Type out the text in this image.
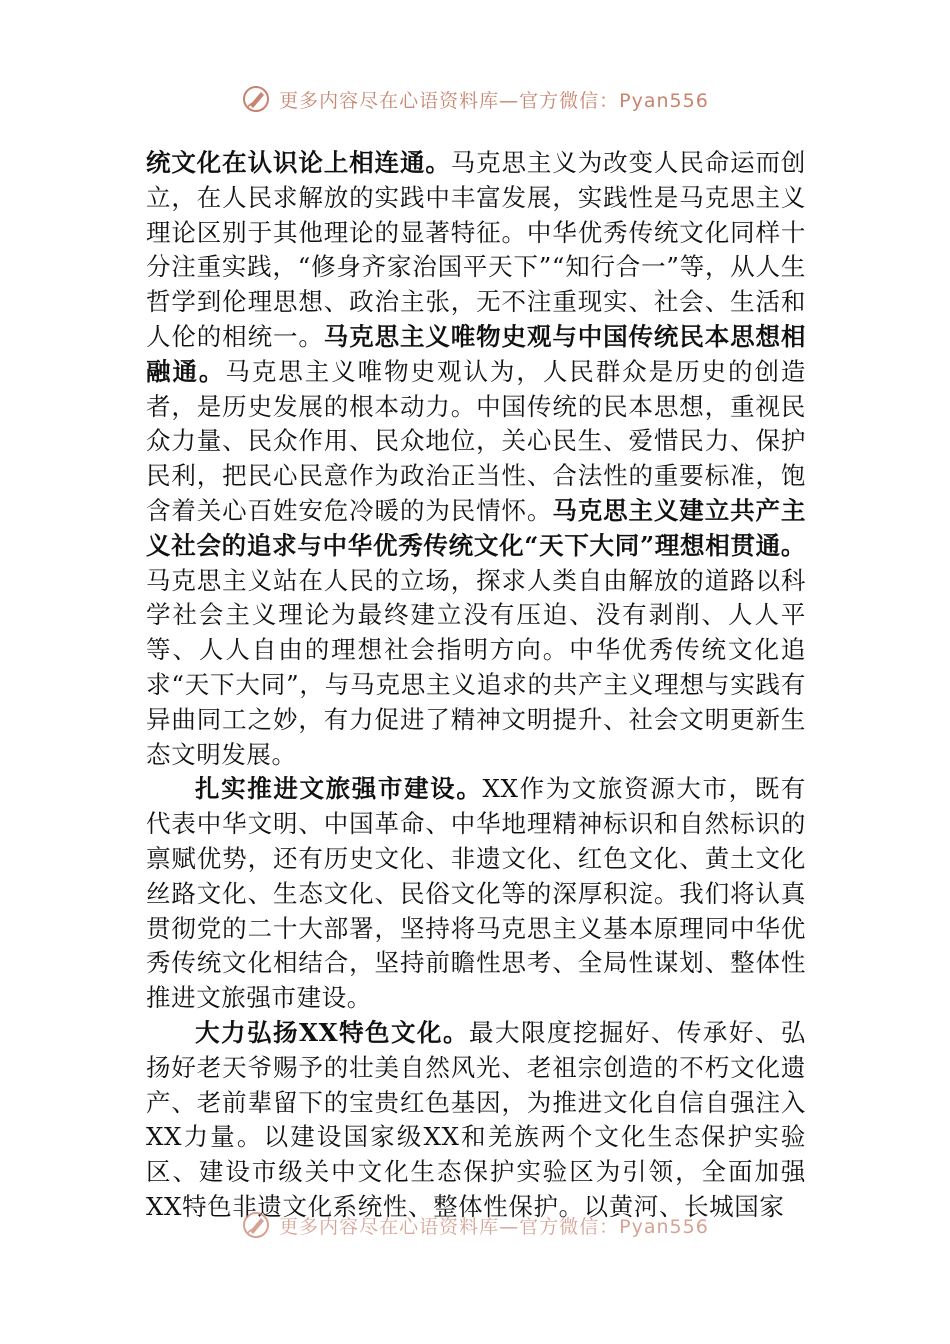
更多内容尽在心语资料库—官方微信：Pyan556

统文化在认识论上相连通。马克思主义为改变人民命运而创立，在人民求解放的实践中丰富发展，实践性是马克思主义理论区别于其他理论的显著特征。中华优秀传统文化同样十分注重实践，“修身齐家治国平天下”“知行合一”等，从人生哲学到伦理思想、政治主张，无不注重现实、社会、生活和人伦的相统一。马克思主义唯物史观与中国传统民本思想相融通。马克思主义唯物史观认为，人民群众是历史的创造者，是历史发展的根本动力。中国传统的民本思想，重视民众力量、民众作用、民众地位，关心民生、爱惜民力、保护民利，把民心民意作为政治正当性、合法性的重要标准，饱含着关心百姓安危冷暖的为民情怀。马克思主义建立共产主义社会的追求与中华优秀传统文化“天下大同”理想相贯通。马克思主义站在人民的立场，探求人类自由解放的道路以科学社会主义理论为最终建立没有压迫、没有剥削、人人平等、人人自由的理想社会指明方向。中华优秀传统文化追求“天下大同”，与马克思主义追求的共产主义理想与实践有异曲同工之妙，有力促进了精神文明提升、社会文明更新生态文明发展。

扎实推进文旅强市建设。XX作为文旅资源大市，既有代表中华文明、中国革命、中华地理精神标识和自然标识的禀赋优势，还有历史文化、非遗文化、红色文化、黄土文化丝路文化、生态文化、民俗文化等的深厚积淀。我们将认真贯彻党的二十大部署，坚持将马克思主义基本原理同中华优秀传统文化相结合，坚持前瞻性思考、全局性谋划、整体性推进文旅强市建设。

大力弘扬XX特色文化。最大限度挖掘好、传承好、弘扬好老天爷赐予的壮美自然风光、老祖宗创造的不朽文化遗产、老前辈留下的宝贵红色基因，为推进文化自信自强注入XX力量。以建设国家级XX和羌族两个文化生态保护实验区、建设市级关中文化生态保护实验区为引领，全面加强XX特色非遗文化系统性、整体性保护。以黄河、长城国家

更多内容尽在心语资料库—官方微信：Pyan556
